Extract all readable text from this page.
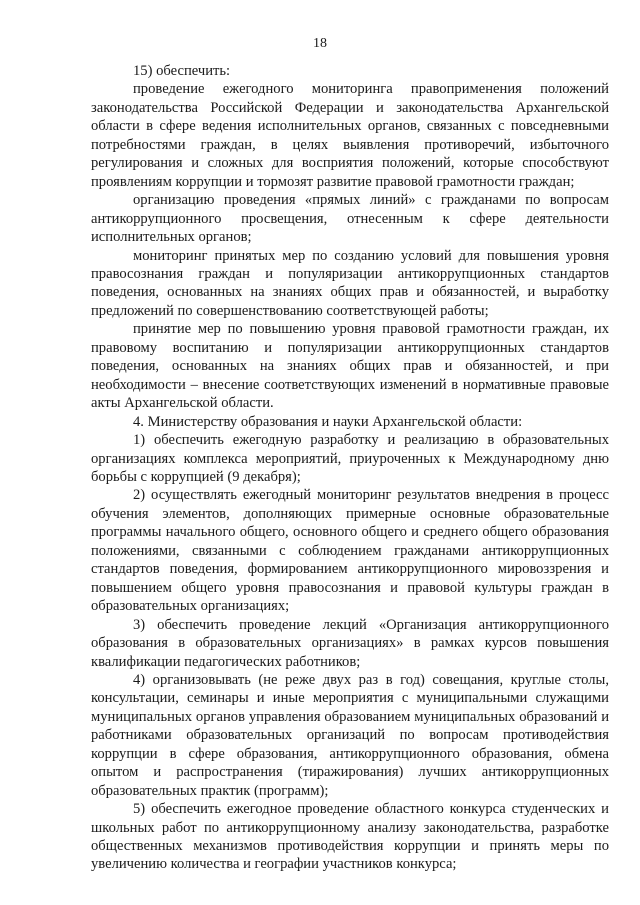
18

15) обеспечить:

проведение ежегодного мониторинга правоприменения положений законодательства Российской Федерации и законодательства Архангельской области в сфере ведения исполнительных органов, связанных с повседневными потребностями граждан, в целях выявления противоречий, избыточного регулирования и сложных для восприятия положений, которые способствуют проявлениям коррупции и тормозят развитие правовой грамотности граждан;

организацию проведения «прямых линий» с гражданами по вопросам антикоррупционного просвещения, отнесенным к сфере деятельности исполнительных органов;

мониторинг принятых мер по созданию условий для повышения уровня правосознания граждан и популяризации антикоррупционных стандартов поведения, основанных на знаниях общих прав и обязанностей, и выработку предложений по совершенствованию соответствующей работы;

принятие мер по повышению уровня правовой грамотности граждан, их правовому воспитанию и популяризации антикоррупционных стандартов поведения, основанных на знаниях общих прав и обязанностей, и при необходимости – внесение соответствующих изменений в нормативные правовые акты Архангельской области.

4. Министерству образования и науки Архангельской области:

1) обеспечить ежегодную разработку и реализацию в образовательных организациях комплекса мероприятий, приуроченных к Международному дню борьбы с коррупцией (9 декабря);

2) осуществлять ежегодный мониторинг результатов внедрения в процесс обучения элементов, дополняющих примерные основные образовательные программы начального общего, основного общего и среднего общего образования положениями, связанными с соблюдением гражданами антикоррупционных стандартов поведения, формированием антикоррупционного мировоззрения и повышением общего уровня правосознания и правовой культуры граждан в образовательных организациях;

3) обеспечить проведение лекций «Организация антикоррупционного образования в образовательных организациях» в рамках курсов повышения квалификации педагогических работников;

4) организовывать (не реже двух раз в год) совещания, круглые столы, консультации, семинары и иные мероприятия с муниципальными служащими муниципальных органов управления образованием муниципальных образований и работниками образовательных организаций по вопросам противодействия коррупции в сфере образования, антикоррупционного образования, обмена опытом и распространения (тиражирования) лучших антикоррупционных образовательных практик (программ);

5) обеспечить ежегодное проведение областного конкурса студенческих и школьных работ по антикоррупционному анализу законодательства, разработке общественных механизмов противодействия коррупции и принять меры по увеличению количества и географии участников конкурса;
